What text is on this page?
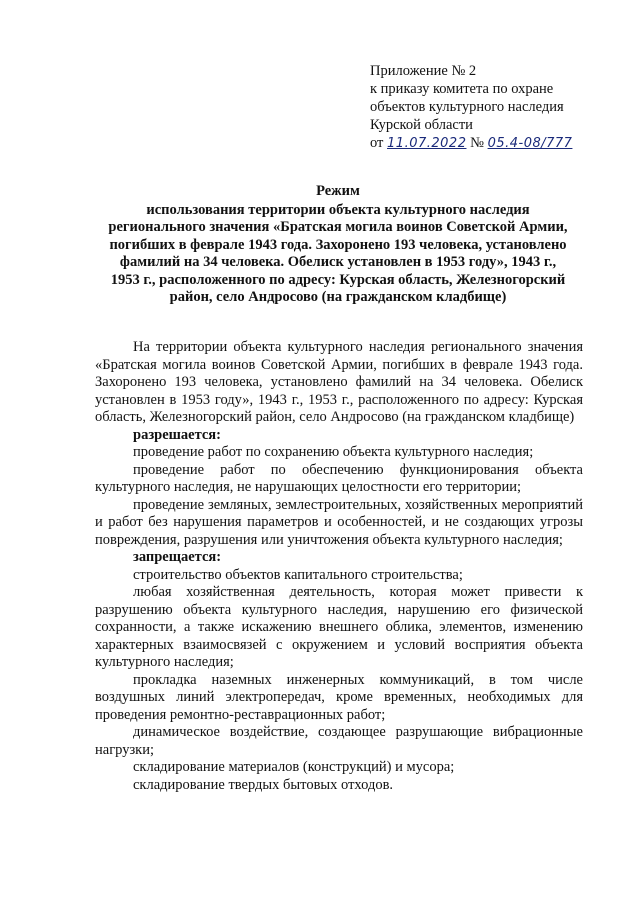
Приложение № 2
к приказу комитета по охране
объектов культурного наследия
Курской области
от 11.07.2022 № 05.4-08/777
Режим
использования территории объекта культурного наследия
регионального значения «Братская могила воинов Советской Армии,
погибших в феврале 1943 года. Захоронено 193 человека, установлено
фамилий на 34 человека. Обелиск установлен в 1953 году», 1943 г.,
1953 г., расположенного по адресу: Курская область, Железногорский
район, село Андросово (на гражданском кладбище)

На территории объекта культурного наследия регионального значения «Братская могила воинов Советской Армии, погибших в феврале 1943 года. Захоронено 193 человека, установлено фамилий на 34 человека. Обелиск установлен в 1953 году», 1943 г., 1953 г., расположенного по адресу: Курская область, Железногорский район, село Андросово (на гражданском кладбище)

разрешается:

проведение работ по сохранению объекта культурного наследия;

проведение работ по обеспечению функционирования объекта культурного наследия, не нарушающих целостности его территории;

проведение земляных, землестроительных, хозяйственных мероприятий и работ без нарушения параметров и особенностей, и не создающих угрозы повреждения, разрушения или уничтожения объекта культурного наследия;

запрещается:

строительство объектов капитального строительства;

любая хозяйственная деятельность, которая может привести к разрушению объекта культурного наследия, нарушению его физической сохранности, а также искажению внешнего облика, элементов, изменению характерных взаимосвязей с окружением и условий восприятия объекта культурного наследия;

прокладка наземных инженерных коммуникаций, в том числе воздушных линий электропередач, кроме временных, необходимых для проведения ремонтно-реставрационных работ;

динамическое воздействие, создающее разрушающие вибрационные нагрузки;

складирование материалов (конструкций) и мусора;

складирование твердых бытовых отходов.
